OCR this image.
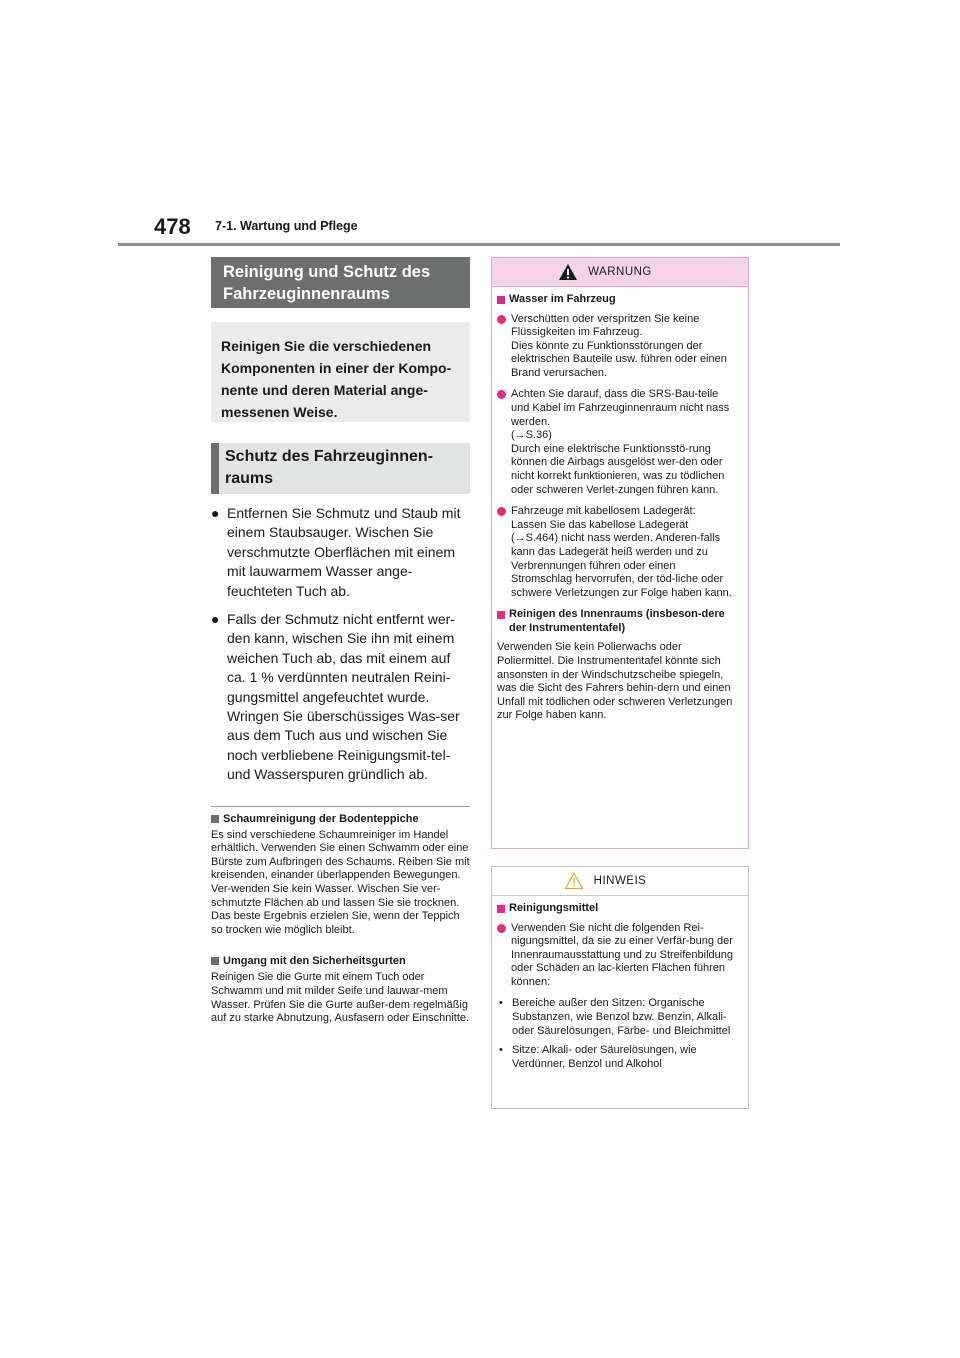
478 7-1. Wartung und Pflege
Reinigung und Schutz des Fahrzeuginnenraums
Reinigen Sie die verschiedenen Komponenten in einer der Kompo-nente und deren Material ange-messenen Weise.
Schutz des Fahrzeuginnen-raums
● Entfernen Sie Schmutz und Staub mit einem Staubsauger. Wischen Sie verschmutzte Oberflächen mit einem mit lauwarmem Wasser ange-feuchteten Tuch ab.
● Falls der Schmutz nicht entfernt wer-den kann, wischen Sie ihn mit einem weichen Tuch ab, das mit einem auf ca. 1 % verdünnten neutralen Reini-gungsmittel angefeuchtet wurde. Wringen Sie überschüssiges Was-ser aus dem Tuch aus und wischen Sie noch verbliebene Reinigungsmit-tel- und Wasserspuren gründlich ab.
Schaumreinigung der Bodenteppiche
Es sind verschiedene Schaumreiniger im Handel erhältlich. Verwenden Sie einen Schwamm oder eine Bürste zum Aufbringen des Schaums. Reiben Sie mit kreisenden, einander überlappenden Bewegungen. Ver-wenden Sie kein Wasser. Wischen Sie ver-schmutzte Flächen ab und lassen Sie sie trocknen. Das beste Ergebnis erzielen Sie, wenn der Teppich so trocken wie möglich bleibt.
Umgang mit den Sicherheitsgurten
Reinigen Sie die Gurte mit einem Tuch oder Schwamm und mit milder Seife und lauwar-mem Wasser. Prüfen Sie die Gurte außer-dem regelmäßig auf zu starke Abnutzung, Ausfasern oder Einschnitte.
WARNUNG
Wasser im Fahrzeug
Verschütten oder verspritzen Sie keine Flüssigkeiten im Fahrzeug.
Dies könnte zu Funktionsstörungen der elektrischen Bauteile usw. führen oder einen Brand verursachen.
Achten Sie darauf, dass die SRS-Bau-teile und Kabel im Fahrzeuginnenraum nicht nass werden.
(→S.36)
Durch eine elektrische Funktionsstö-rung können die Airbags ausgelöst wer-den oder nicht korrekt funktionieren, was zu tödlichen oder schweren Verlet-zungen führen kann.
Fahrzeuge mit kabellosem Ladegerät:
Lassen Sie das kabellose Ladegerät (→S.464) nicht nass werden. Anderen-falls kann das Ladegerät heiß werden und zu Verbrennungen führen oder einen Stromschlag hervorrufen, der töd-liche oder schwere Verletzungen zur Folge haben kann.
Reinigen des Innenraums (insbeson-dere der Instrumententafel)
Verwenden Sie kein Polierwachs oder Poliermittel. Die Instrumententafel könnte sich ansonsten in der Windschutzscheibe spiegeln, was die Sicht des Fahrers behin-dern und einen Unfall mit tödlichen oder schweren Verletzungen zur Folge haben kann.
HINWEIS
Reinigungsmittel
Verwenden Sie nicht die folgenden Rei-nigungsmittel, da sie zu einer Verfär-bung der Innenraumausstattung und zu Streifenbildung oder Schäden an lac-kierten Flächen führen können:
• Bereiche außer den Sitzen: Organische Substanzen, wie Benzol bzw. Benzin, Alkali- oder Säurelösungen, Färbe- und Bleichmittel
• Sitze: Alkali- oder Säurelösungen, wie Verdünner, Benzol und Alkohol
